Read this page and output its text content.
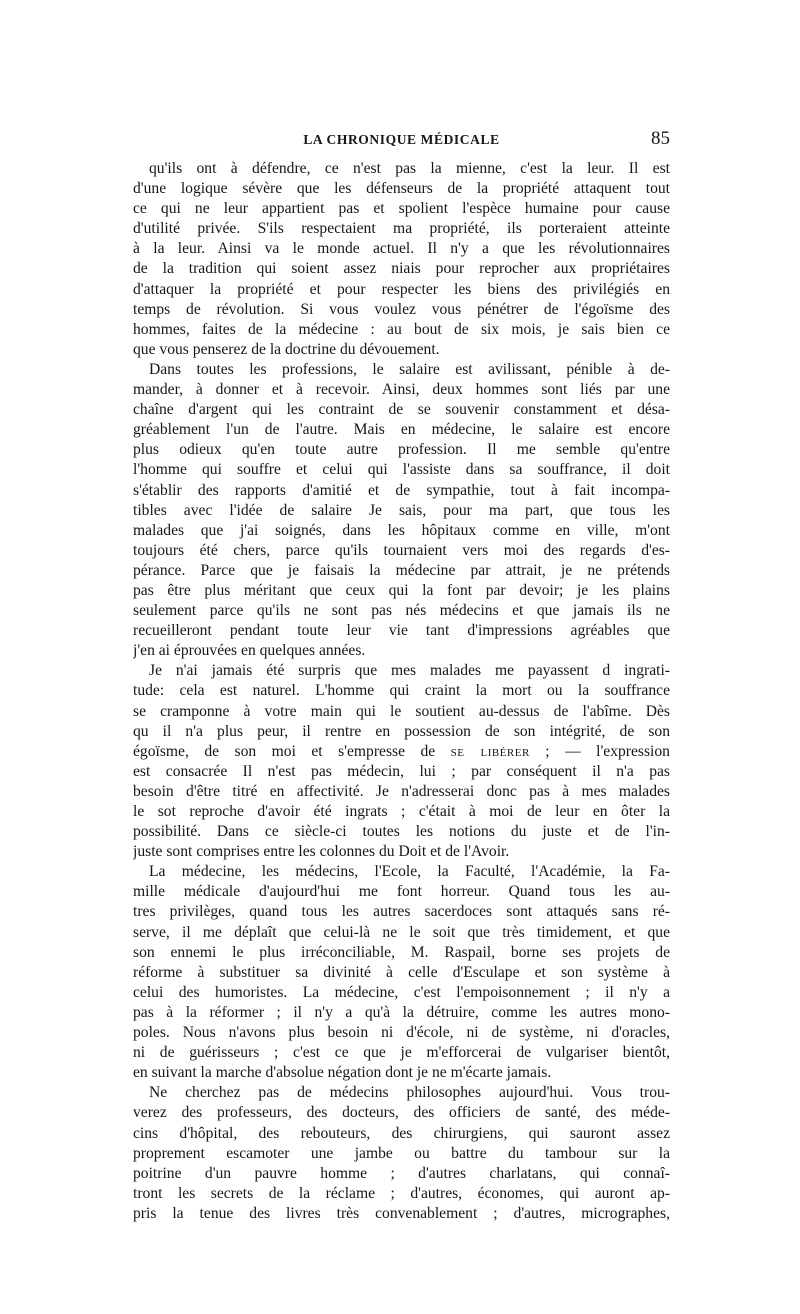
LA CHRONIQUE MÉDICALE	85
qu'ils ont à défendre, ce n'est pas la mienne, c'est la leur. Il est
d'une logique sévère que les défenseurs de la propriété attaquent tout
ce qui ne leur appartient pas et spolient l'espèce humaine pour cause
d'utilité privée. S'ils respectaient ma propriété, ils porteraient atteinte
à la leur. Ainsi va le monde actuel. Il n'y a que les révolutionnaires
de la tradition qui soient assez niais pour reprocher aux propriétaires
d'attaquer la propriété et pour respecter les biens des privilégiés en
temps de révolution. Si vous voulez vous pénétrer de l'égoïsme des
hommes, faites de la médecine : au bout de six mois, je sais bien ce
que vous penserez de la doctrine du dévouement.
Dans toutes les professions, le salaire est avilissant, pénible à de-
mander, à donner et à recevoir. Ainsi, deux hommes sont liés par une
chaîne d'argent qui les contraint de se souvenir constamment et désa-
gréablement l'un de l'autre. Mais en médecine, le salaire est encore
plus odieux qu'en toute autre profession. Il me semble qu'entre
l'homme qui souffre et celui qui l'assiste dans sa souffrance, il doit
s'établir des rapports d'amitié et de sympathie, tout à fait incompa-
tibles avec l'idée de salaire Je sais, pour ma part, que tous les
malades que j'ai soignés, dans les hôpitaux comme en ville, m'ont
toujours été chers, parce qu'ils tournaient vers moi des regards d'es-
pérance. Parce que je faisais la médecine par attrait, je ne prétends
pas être plus méritant que ceux qui la font par devoir; je les plains
seulement parce qu'ils ne sont pas nés médecins et que jamais ils ne
recueilleront pendant toute leur vie tant d'impressions agréables que
j'en ai éprouvées en quelques années.
Je n'ai jamais été surpris que mes malades me payassent d ingrati-
tude: cela est naturel. L'homme qui craint la mort ou la souffrance
se cramponne à votre main qui le soutient au-dessus de l'abîme. Dès
qu il n'a plus peur, il rentre en possession de son intégrité, de son
égoïsme, de son moi et s'empresse de se libérer ; — l'expression
est consacrée Il n'est pas médecin, lui ; par conséquent il n'a pas
besoin d'être titré en affectivité. Je n'adresserai donc pas à mes malades
le sot reproche d'avoir été ingrats ; c'était à moi de leur en ôter la
possibilité. Dans ce siècle-ci toutes les notions du juste et de l'in-
juste sont comprises entre les colonnes du Doit et de l'Avoir.
La médecine, les médecins, l'Ecole, la Faculté, l'Académie, la Fa-
mille médicale d'aujourd'hui me font horreur. Quand tous les au-
tres privilèges, quand tous les autres sacerdoces sont attaqués sans ré-
serve, il me déplaît que celui-là ne le soit que très timidement, et que
son ennemi le plus irréconciliable, M. Raspail, borne ses projets de
réforme à substituer sa divinité à celle d'Esculape et son système à
celui des humoristes. La médecine, c'est l'empoisonnement ; il n'y a
pas à la réformer ; il n'y a qu'à la détruire, comme les autres mono-
poles. Nous n'avons plus besoin ni d'école, ni de système, ni d'oracles,
ni de guérisseurs ; c'est ce que je m'efforcerai de vulgariser bientôt,
en suivant la marche d'absolue négation dont je ne m'écarte jamais.
Ne cherchez pas de médecins philosophes aujourd'hui. Vous trou-
verez des professeurs, des docteurs, des officiers de santé, des méde-
cins d'hôpital, des rebouteurs, des chirurgiens, qui sauront assez
proprement escamoter une jambe ou battre du tambour sur la
poitrine d'un pauvre homme ; d'autres charlatans, qui connaî-
tront les secrets de la réclame ; d'autres, économes, qui auront ap-
pris la tenue des livres très convenablement ; d'autres, micrographes,
